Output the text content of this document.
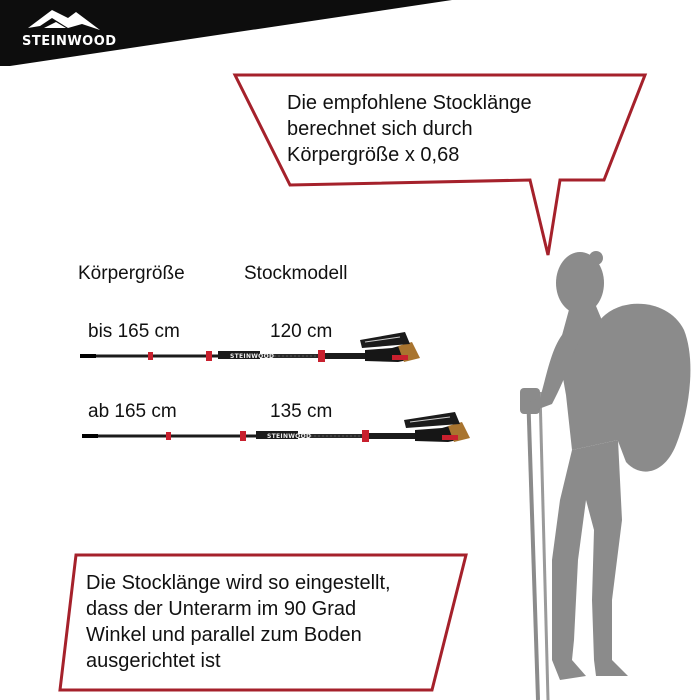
STEINWOOD
Die empfohlene Stocklänge
berechnet sich durch
Körpergröße x 0,68
Die Stocklänge wird so eingestellt,
dass der Unterarm im 90 Grad
Winkel und parallel zum Boden
ausgerichtet ist
Körpergröße	Stockmodell
bis 165 cm	120 cm
ab 165 cm	135 cm
STEINWOOD
STEINWOOD
